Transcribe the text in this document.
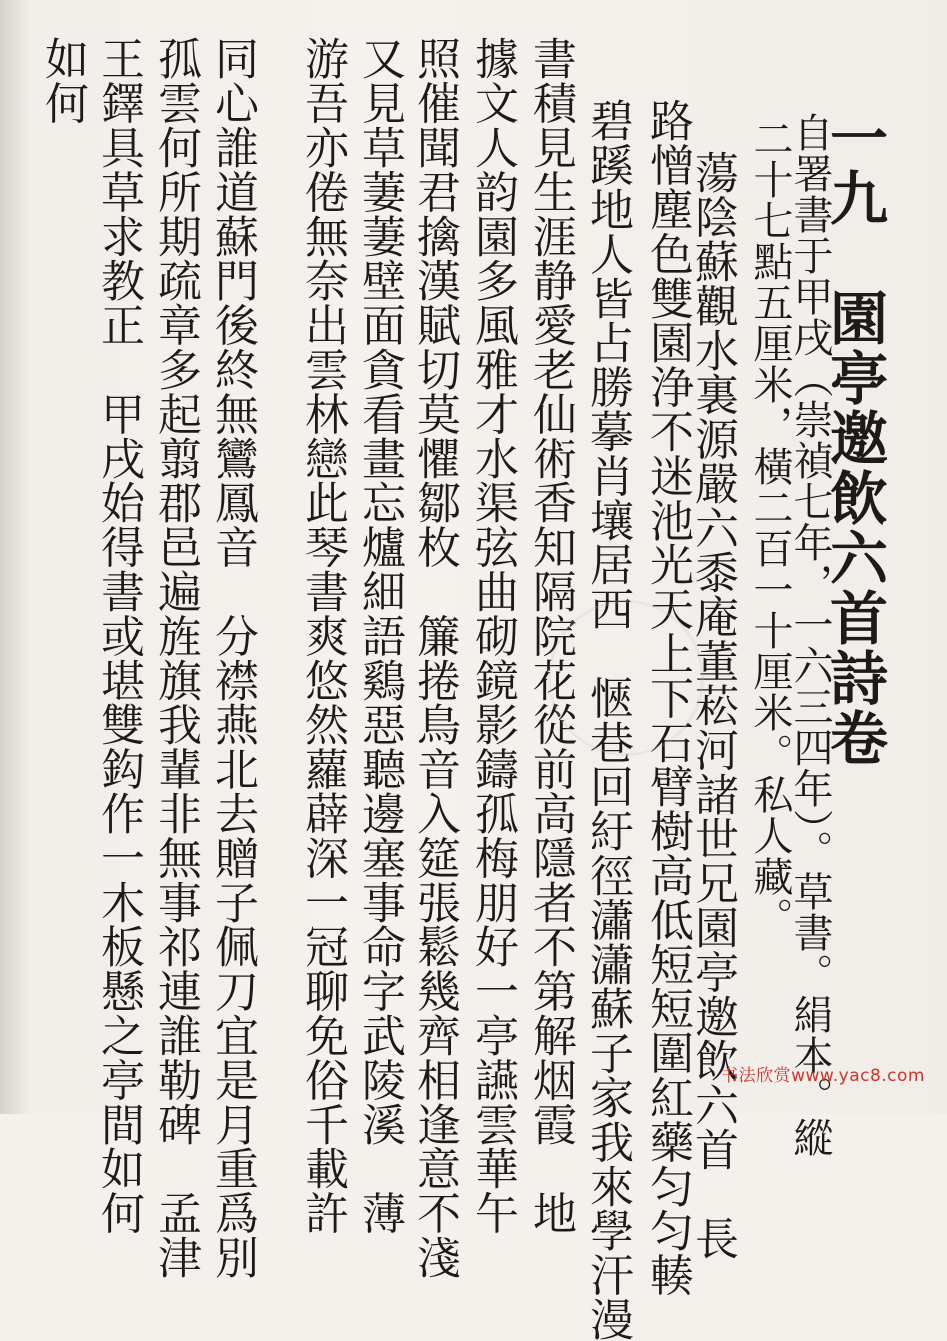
一九　園亭邀飲六首詩卷
自署書于甲戌（崇禎七年，一六三四年）。草書。絹本。縱
二十七點五厘米，橫二百一十厘米。私人藏。
蕩陰蘇觀水裏源嚴六黍庵董菘河諸世兄園亭邀飲六首　長
路憎塵色雙園浄不迷池光天上下石臂樹高低短短圍紅藥匀匀輳
碧蹊地人皆占勝摹肖壤居西　愜巷回紆徑瀟瀟蘇子家我來學汗漫
書積見生涯静愛老仙術香知隔院花從前高隱者不第解烟霞　地
據文人韵園多風雅才水渠弦曲砌鏡影鑄孤梅朋好一亭讌雲華午
照催聞君擒漢賦切莫懼鄒枚　簾捲鳥音入筵張鬆幾齊相逢意不淺
又見草萋萋壁面貪看畫忘爐細語鷄惡聽邊塞事命字武陵溪　薄
游吾亦倦無奈出雲林戀此琴書爽悠然蘿薜深一冠聊免俗千載許
同心誰道蘇門後終無鸞鳳音　分襟燕北去贈子佩刀宜是月重爲別
孤雲何所期疏章多起翦郡邑遍旌旗我輩非無事祁連誰勒碑　孟津
王鐸具草求教正　甲戌始得書或堪雙鈎作一木板懸之亭間如何
如何
书法欣赏www.yac8.com
